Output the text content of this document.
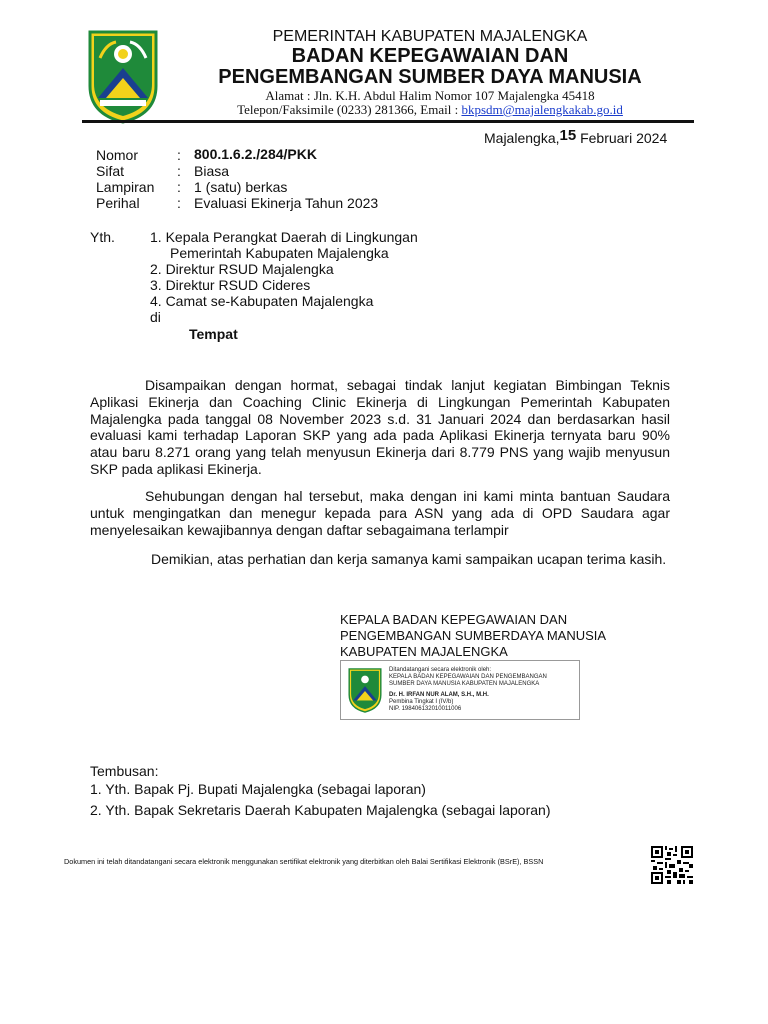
PEMERINTAH KABUPATEN MAJALENGKA
BADAN KEPEGAWAIAN DAN
PENGEMBANGAN SUMBER DAYA MANUSIA
Alamat : Jln. K.H. Abdul Halim Nomor 107 Majalengka 45418
Telepon/Faksimile (0233) 281366, Email : bkpsdm@majalengkakab.go.id
Majalengka,15 Februari 2024
Nomor	: 800.1.6.2./284/PKK
Sifat	: Biasa
Lampiran : 1 (satu) berkas
Perihal	: Evaluasi Ekinerja Tahun 2023
Yth.	1. Kepala Perangkat Daerah di Lingkungan
Pemerintah Kabupaten Majalengka
2. Direktur RSUD Majalengka
3. Direktur RSUD Cideres
4. Camat se-Kabupaten Majalengka
di
Tempat

Disampaikan dengan hormat, sebagai tindak lanjut kegiatan Bimbingan Teknis Aplikasi Ekinerja dan Coaching Clinic Ekinerja di Lingkungan Pemerintah Kabupaten Majalengka pada tanggal 08 November 2023 s.d. 31 Januari 2024 dan berdasarkan hasil evaluasi kami terhadap Laporan SKP yang ada pada Aplikasi Ekinerja ternyata baru 90% atau baru 8.271 orang yang telah menyusun Ekinerja dari 8.779 PNS yang wajib menyusun SKP pada aplikasi Ekinerja.

Sehubungan dengan hal tersebut, maka dengan ini kami minta bantuan Saudara untuk mengingatkan dan menegur kepada para ASN yang ada di OPD Saudara agar menyelesaikan kewajibannya dengan daftar sebagaimana terlampir

Demikian, atas perhatian dan kerja samanya kami sampaikan ucapan terima kasih.

KEPALA BADAN KEPEGAWAIAN DAN
PENGEMBANGAN SUMBERDAYA MANUSIA
KABUPATEN MAJALENGKA
Ditandatangani secara elektronik oleh:
KEPALA BADAN KEPEGAWAIAN DAN PENGEMBANGAN
SUMBER DAYA MANUSIA KABUPATEN MAJALENGKA
Dr. H. IRFAN NUR ALAM, S.H., M.H.
Pembina Tingkat I (IV/b)
NIP. 198406132010011006
Tembusan:
1. Yth. Bapak Pj. Bupati Majalengka (sebagai laporan)
2. Yth. Bapak Sekretaris Daerah Kabupaten Majalengka (sebagai laporan)
Dokumen ini telah ditandatangani secara elektronik menggunakan sertifikat elektronik yang diterbitkan oleh Balai Sertifikasi Elektronik (BSrE), BSSN
